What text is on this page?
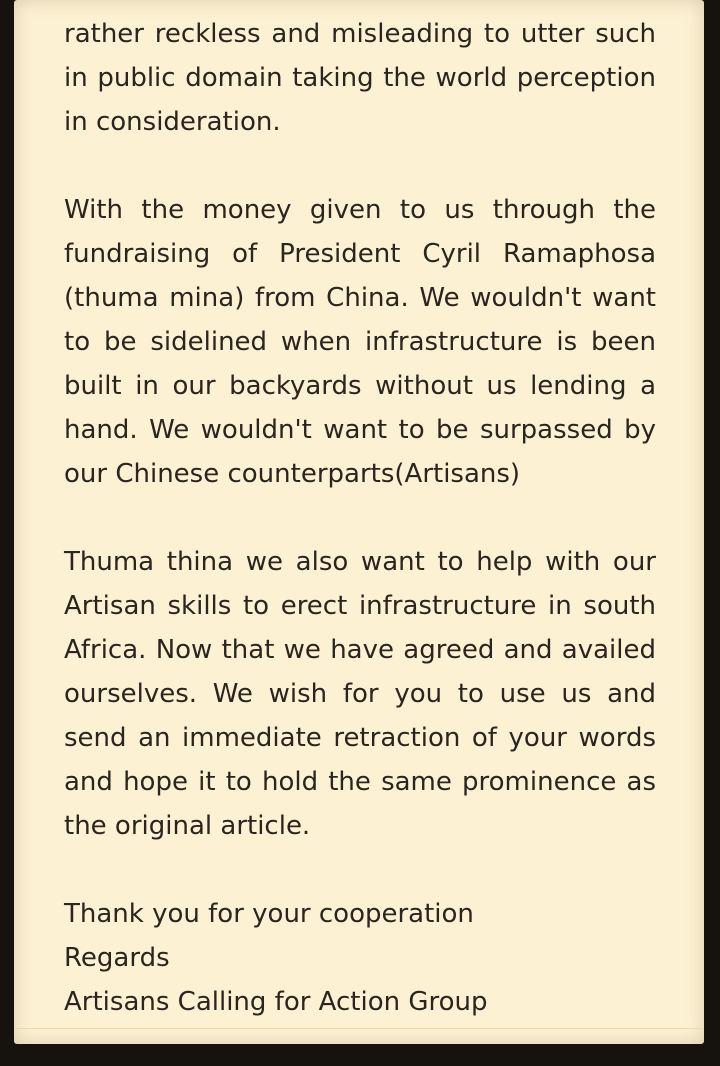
rather reckless and misleading to utter such in public domain taking the world perception in consideration.

With the money given to us through the fundraising of President Cyril Ramaphosa (thuma mina) from China. We wouldn't want to be sidelined when infrastructure is been built in our backyards without us lending a hand. We wouldn't want to be surpassed by our Chinese counterparts(Artisans)

Thuma thina we also want to help with our Artisan skills to erect infrastructure in south Africa. Now that we have agreed and availed ourselves. We wish for you to use us and send an immediate retraction of your words and hope it to hold the same prominence as the original article.

Thank you for your cooperation
Regards
Artisans Calling for Action Group
